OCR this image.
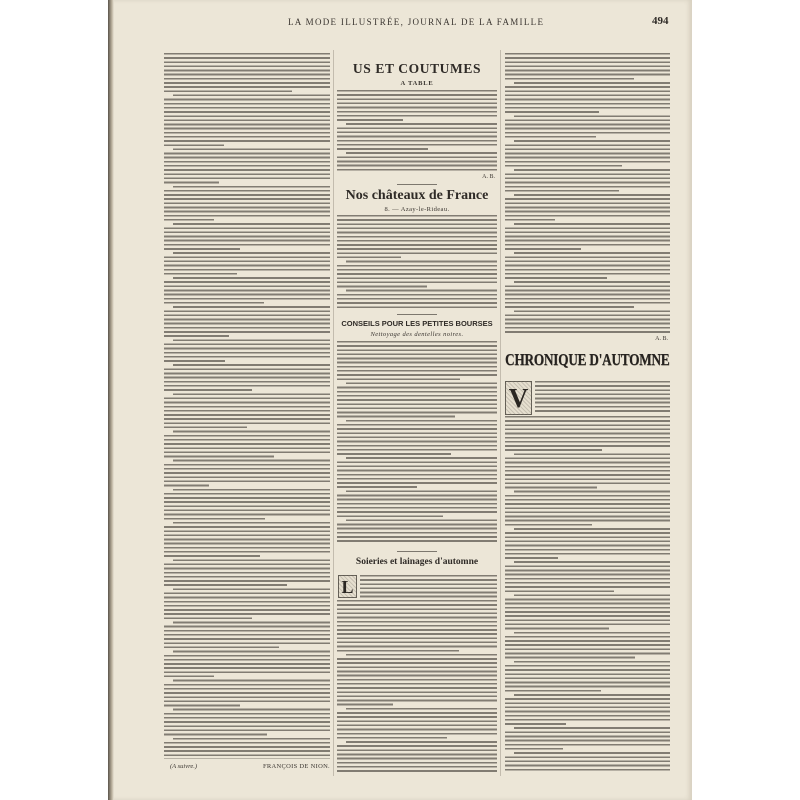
LA MODE ILLUSTRÉE, JOURNAL DE LA FAMILLE	494
(A suivre.)	FRANÇOIS DE NION.
US ET COUTUMES
A TABLE
A. B.
Nos châteaux de France
8. — Azay-le-Rideau.
CONSEILS POUR LES PETITES BOURSES
Nettoyage des dentelles noires.
Soieries et lainages d'automne
L
A. B.
CHRONIQUE D'AUTOMNE
V
